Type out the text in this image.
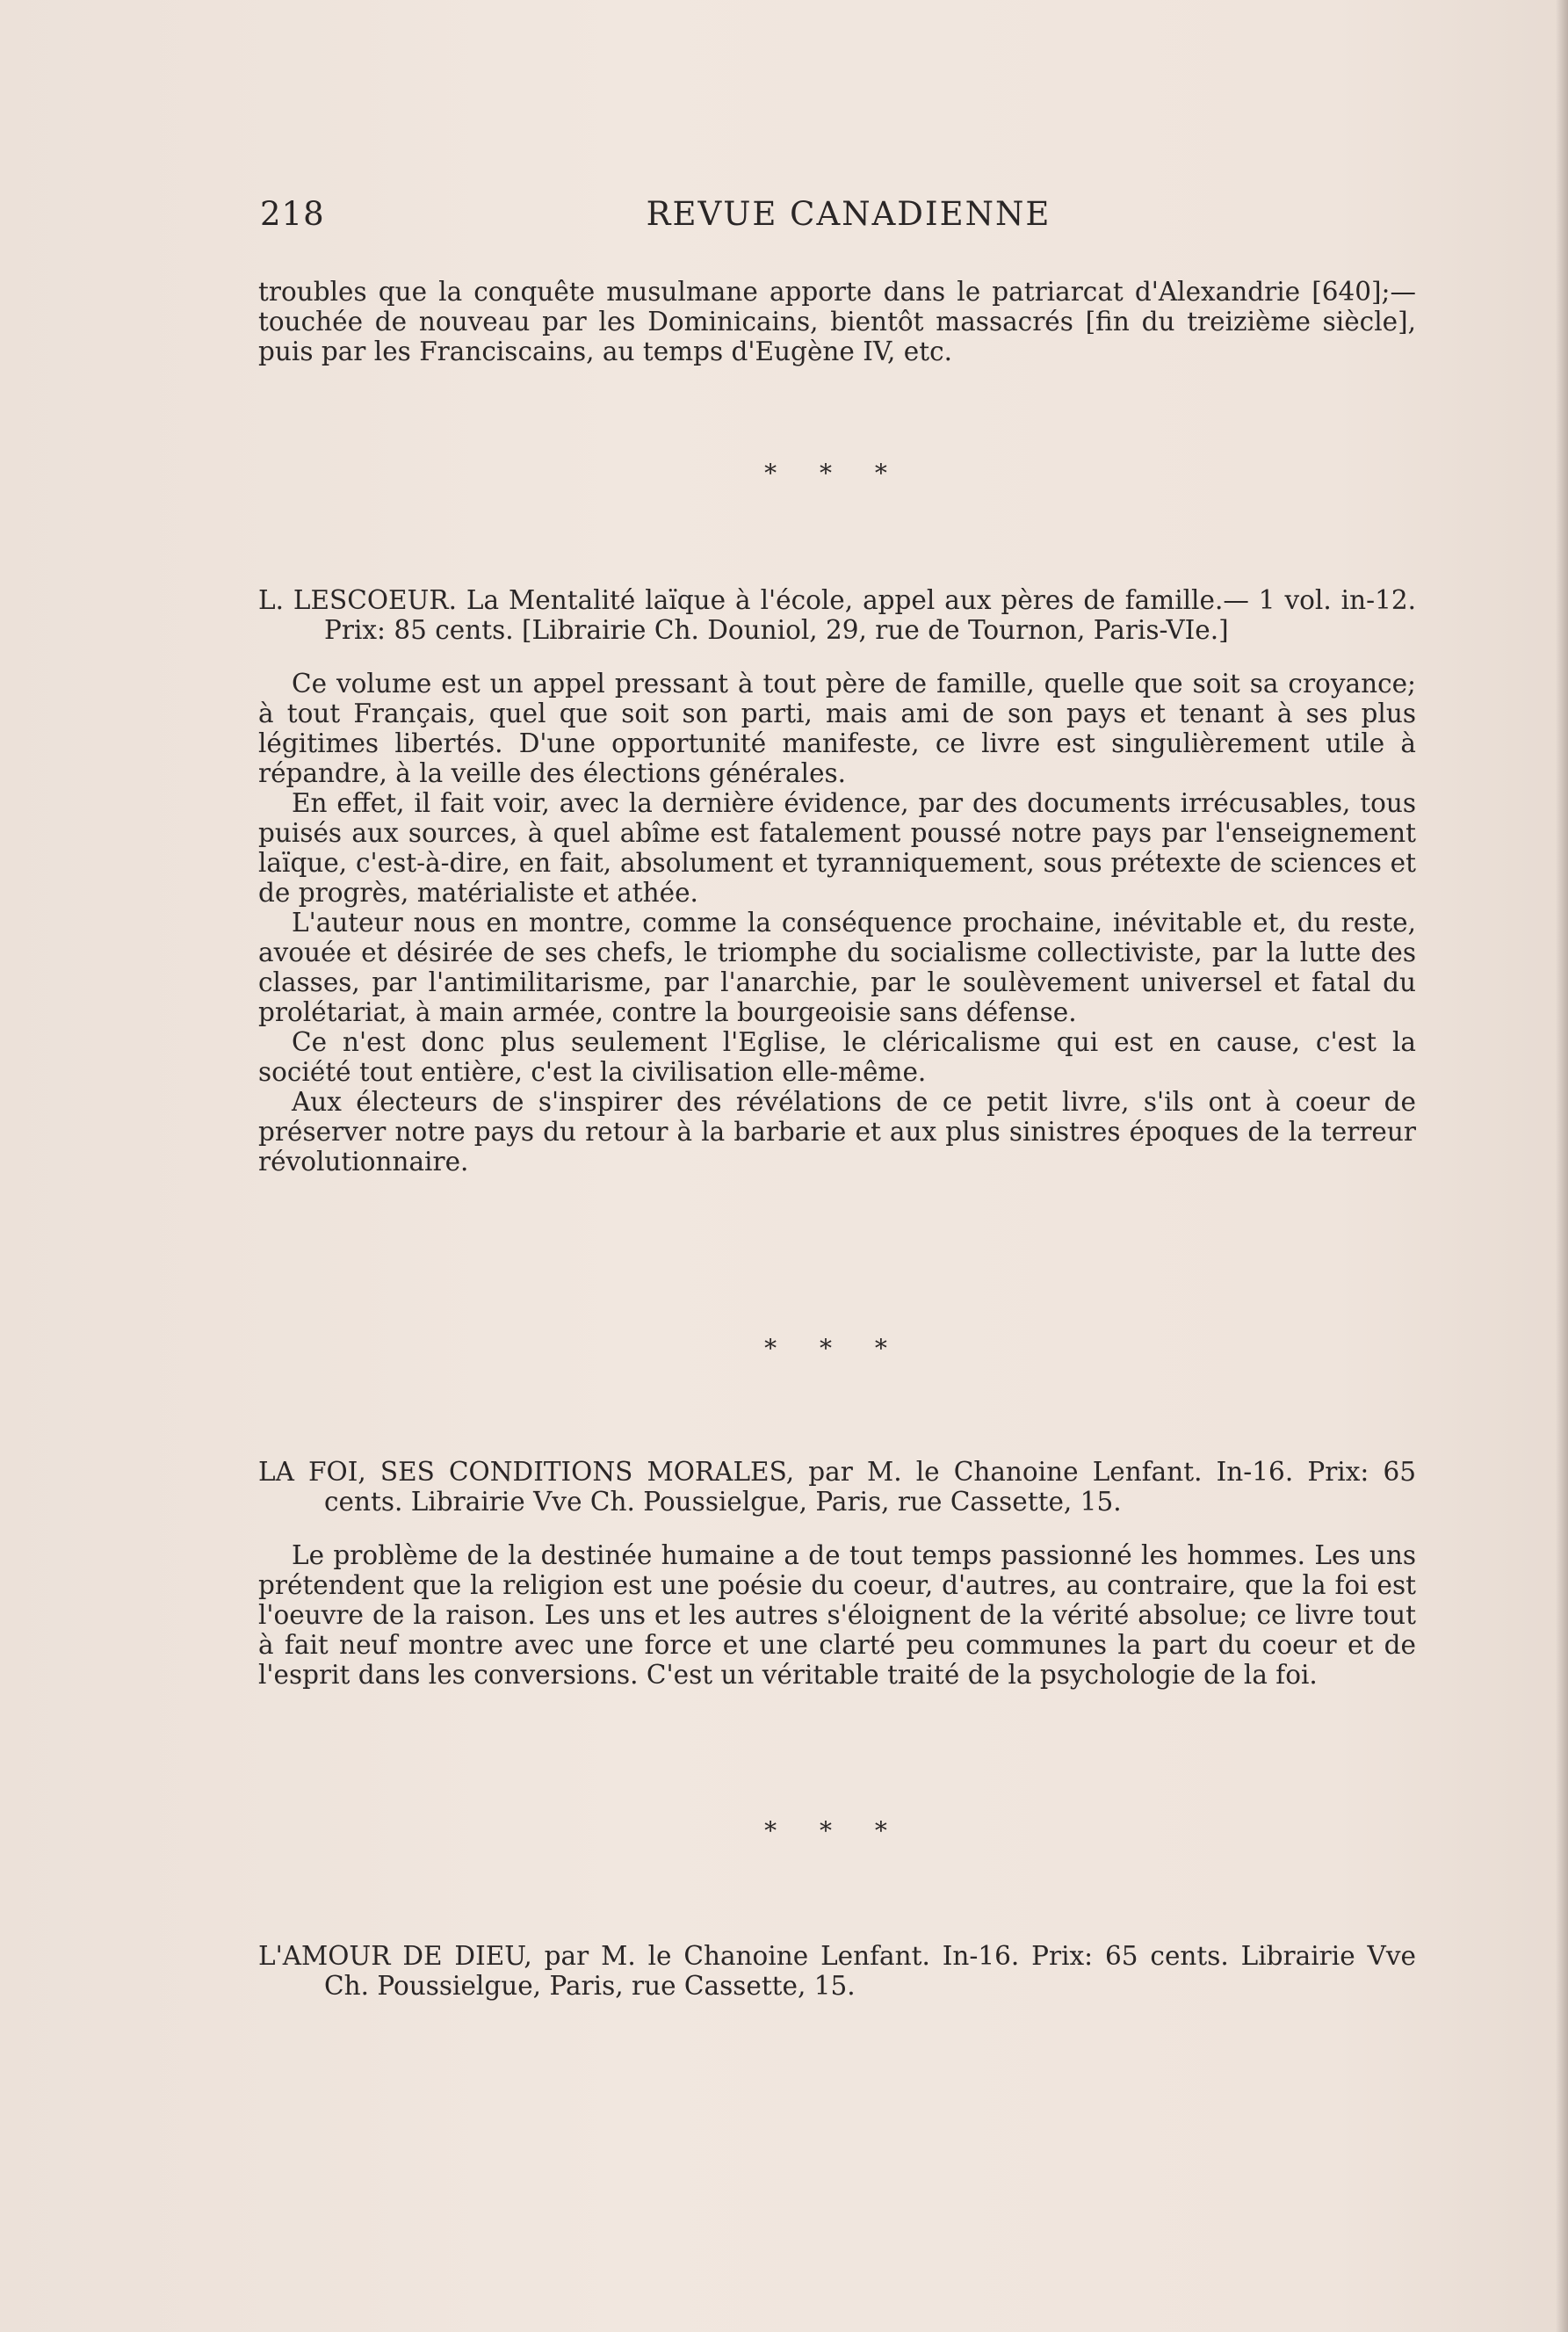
218	REVUE CANADIENNE

troubles que la conquête musulmane apporte dans le patriarcat d'Alexandrie [640];—touchée de nouveau par les Dominicains, bientôt massacrés [fin du treizième siècle], puis par les Franciscains, au temps d'Eugène IV, etc.

* * *

L. LESCOEUR. La Mentalité laïque à l'école, appel aux pères de famille.— 1 vol. in-12. Prix: 85 cents. [Librairie Ch. Douniol, 29, rue de Tournon, Paris-VIe.]

Ce volume est un appel pressant à tout père de famille, quelle que soit sa croyance; à tout Français, quel que soit son parti, mais ami de son pays et tenant à ses plus légitimes libertés. D'une opportunité manifeste, ce livre est singulièrement utile à répandre, à la veille des élections générales.

En effet, il fait voir, avec la dernière évidence, par des documents irrécusables, tous puisés aux sources, à quel abîme est fatalement poussé notre pays par l'enseignement laïque, c'est-à-dire, en fait, absolument et tyranniquement, sous prétexte de sciences et de progrès, matérialiste et athée.

L'auteur nous en montre, comme la conséquence prochaine, inévitable et, du reste, avouée et désirée de ses chefs, le triomphe du socialisme collectiviste, par la lutte des classes, par l'antimilitarisme, par l'anarchie, par le soulèvement universel et fatal du prolétariat, à main armée, contre la bourgeoisie sans défense.

Ce n'est donc plus seulement l'Eglise, le cléricalisme qui est en cause, c'est la société tout entière, c'est la civilisation elle-même.

Aux électeurs de s'inspirer des révélations de ce petit livre, s'ils ont à coeur de préserver notre pays du retour à la barbarie et aux plus sinistres époques de la terreur révolutionnaire.

* * *

LA FOI, SES CONDITIONS MORALES, par M. le Chanoine Lenfant. In-16. Prix: 65 cents. Librairie Vve Ch. Poussielgue, Paris, rue Cassette, 15.

Le problème de la destinée humaine a de tout temps passionné les hommes. Les uns prétendent que la religion est une poésie du coeur, d'autres, au contraire, que la foi est l'oeuvre de la raison. Les uns et les autres s'éloignent de la vérité absolue; ce livre tout à fait neuf montre avec une force et une clarté peu communes la part du coeur et de l'esprit dans les conversions. C'est un véritable traité de la psychologie de la foi.

* * *

L'AMOUR DE DIEU, par M. le Chanoine Lenfant. In-16. Prix: 65 cents. Librairie Vve Ch. Poussielgue, Paris, rue Cassette, 15.
